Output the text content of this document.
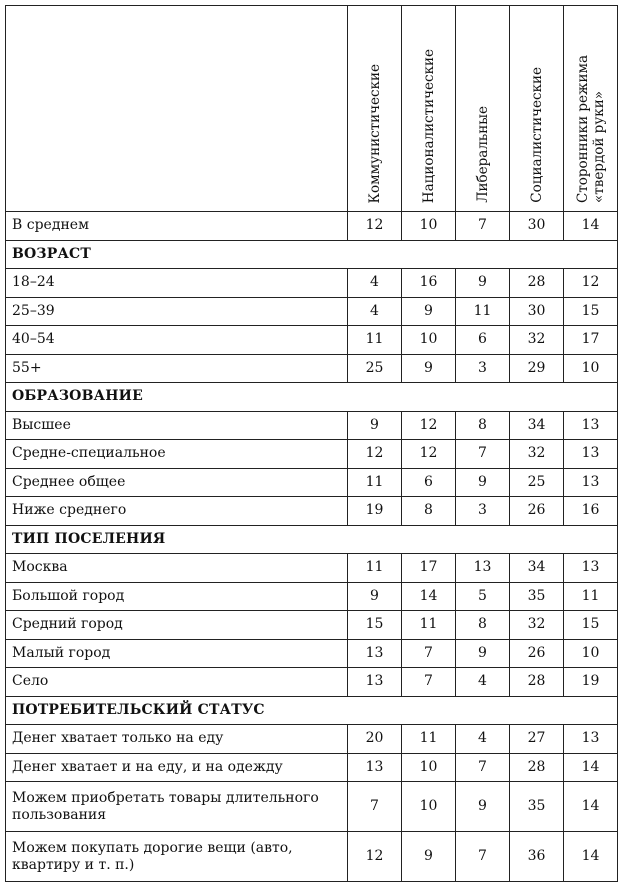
	Коммунистические	Националистические	Либеральные	Социалистические	Сторонники режима
«твердой руки»

В среднем	12	10	7	30	14
ВОЗРАСТ					
18–24	4	16	9	28	12
25–39	4	9	11	30	15
40–54	11	10	6	32	17
55+	25	9	3	29	10
ОБРАЗОВАНИЕ					
Высшее	9	12	8	34	13
Средне-специальное	12	12	7	32	13
Среднее общее	11	6	9	25	13
Ниже среднего	19	8	3	26	16
ТИП ПОСЕЛЕНИЯ					
Москва	11	17	13	34	13
Большой город	9	14	5	35	11
Средний город	15	11	8	32	15
Малый город	13	7	9	26	10
Село	13	7	4	28	19
ПОТРЕБИТЕЛЬСКИЙ СТАТУС					
Денег хватает только на еду	20	11	4	27	13
Денег хватает и на еду, и на одежду	13	10	7	28	14
Можем приобретать товары длительного пользования	7	10	9	35	14
Можем покупать дорогие вещи (авто, квартиру и т. п.)	12	9	7	36	14
